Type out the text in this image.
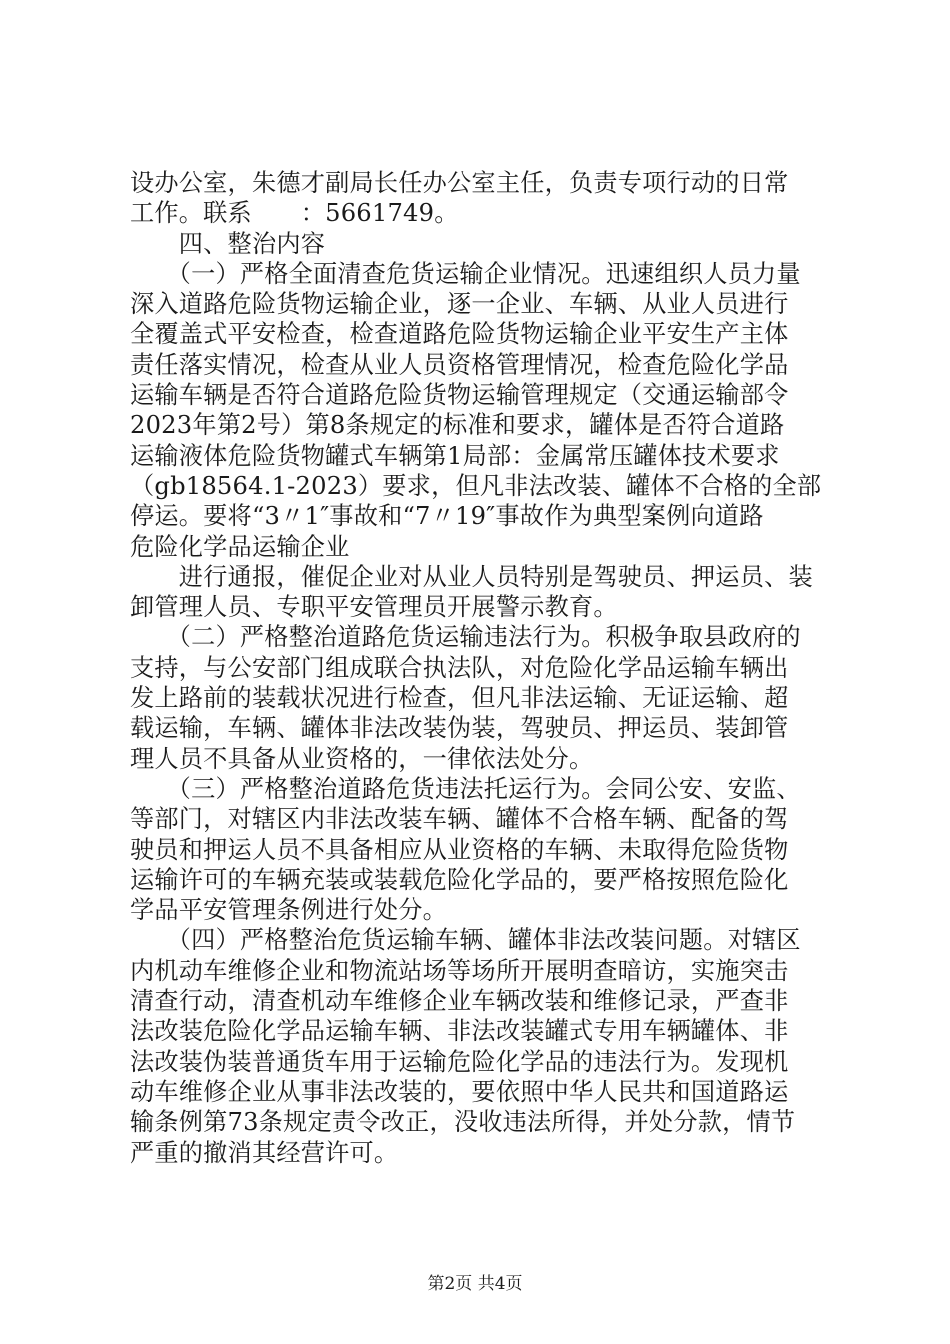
设办公室，朱德才副局长任办公室主任，负责专项行动的日常
工作。联系　　：5661749。
　　四、整治内容
　　（一）严格全面清查危货运输企业情况。迅速组织人员力量
深入道路危险货物运输企业，逐一企业、车辆、从业人员进行
全覆盖式平安检查，检查道路危险货物运输企业平安生产主体
责任落实情况，检查从业人员资格管理情况，检查危险化学品
运输车辆是否符合道路危险货物运输管理规定（交通运输部令
2023年第2号）第8条规定的标准和要求，罐体是否符合道路
运输液体危险货物罐式车辆第1局部：金属常压罐体技术要求
（gb18564.1-2023）要求，但凡非法改装、罐体不合格的全部
停运。要将“3〃1″事故和“7〃19″事故作为典型案例向道路
危险化学品运输企业
　　进行通报，催促企业对从业人员特别是驾驶员、押运员、装
卸管理人员、专职平安管理员开展警示教育。
　　（二）严格整治道路危货运输违法行为。积极争取县政府的
支持，与公安部门组成联合执法队，对危险化学品运输车辆出
发上路前的装载状况进行检查，但凡非法运输、无证运输、超
载运输，车辆、罐体非法改装伪装，驾驶员、押运员、装卸管
理人员不具备从业资格的，一律依法处分。
　　（三）严格整治道路危货违法托运行为。会同公安、安监、
等部门，对辖区内非法改装车辆、罐体不合格车辆、配备的驾
驶员和押运人员不具备相应从业资格的车辆、未取得危险货物
运输许可的车辆充装或装载危险化学品的，要严格按照危险化
学品平安管理条例进行处分。
　　（四）严格整治危货运输车辆、罐体非法改装问题。对辖区
内机动车维修企业和物流站场等场所开展明查暗访，实施突击
清查行动，清查机动车维修企业车辆改装和维修记录，严查非
法改装危险化学品运输车辆、非法改装罐式专用车辆罐体、非
法改装伪装普通货车用于运输危险化学品的违法行为。发现机
动车维修企业从事非法改装的，要依照中华人民共和国道路运
输条例第73条规定责令改正，没收违法所得，并处分款，情节
严重的撤消其经营许可。
第2页 共4页
